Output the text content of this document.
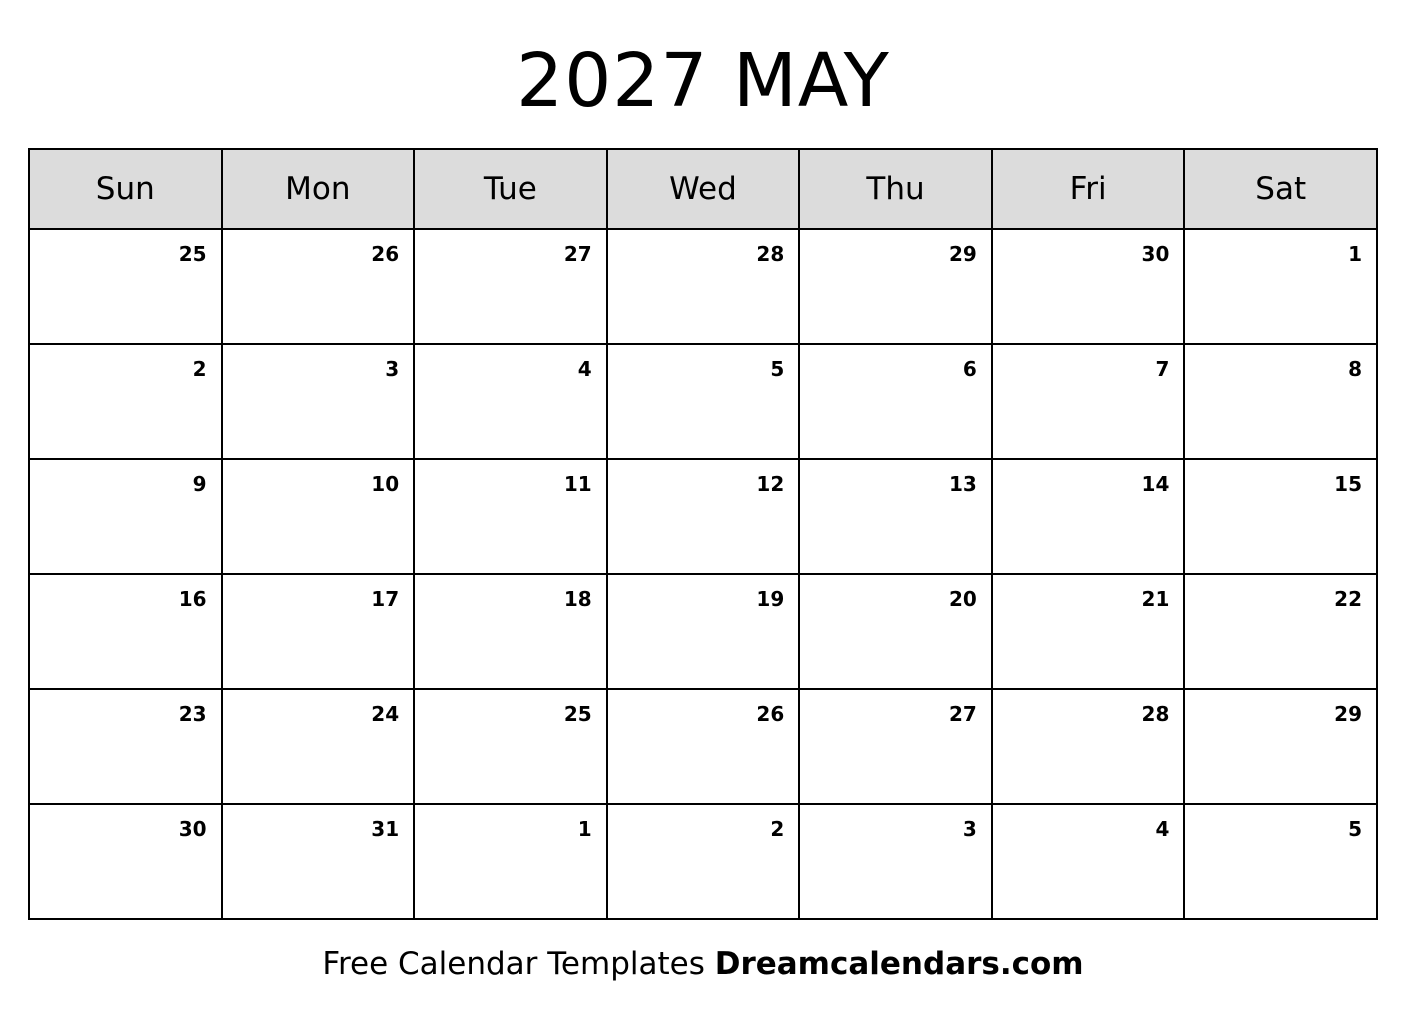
2027 MAY
Sun	Mon	Tue	Wed	Thu	Fri	Sat

25	26	27	28	29	30	1

2	3	4	5	6	7	8

9	10	11	12	13	14	15

16	17	18	19	20	21	22

23	24	25	26	27	28	29

30	31	1	2	3	4	5
Free Calendar Templates Dreamcalendars.com
